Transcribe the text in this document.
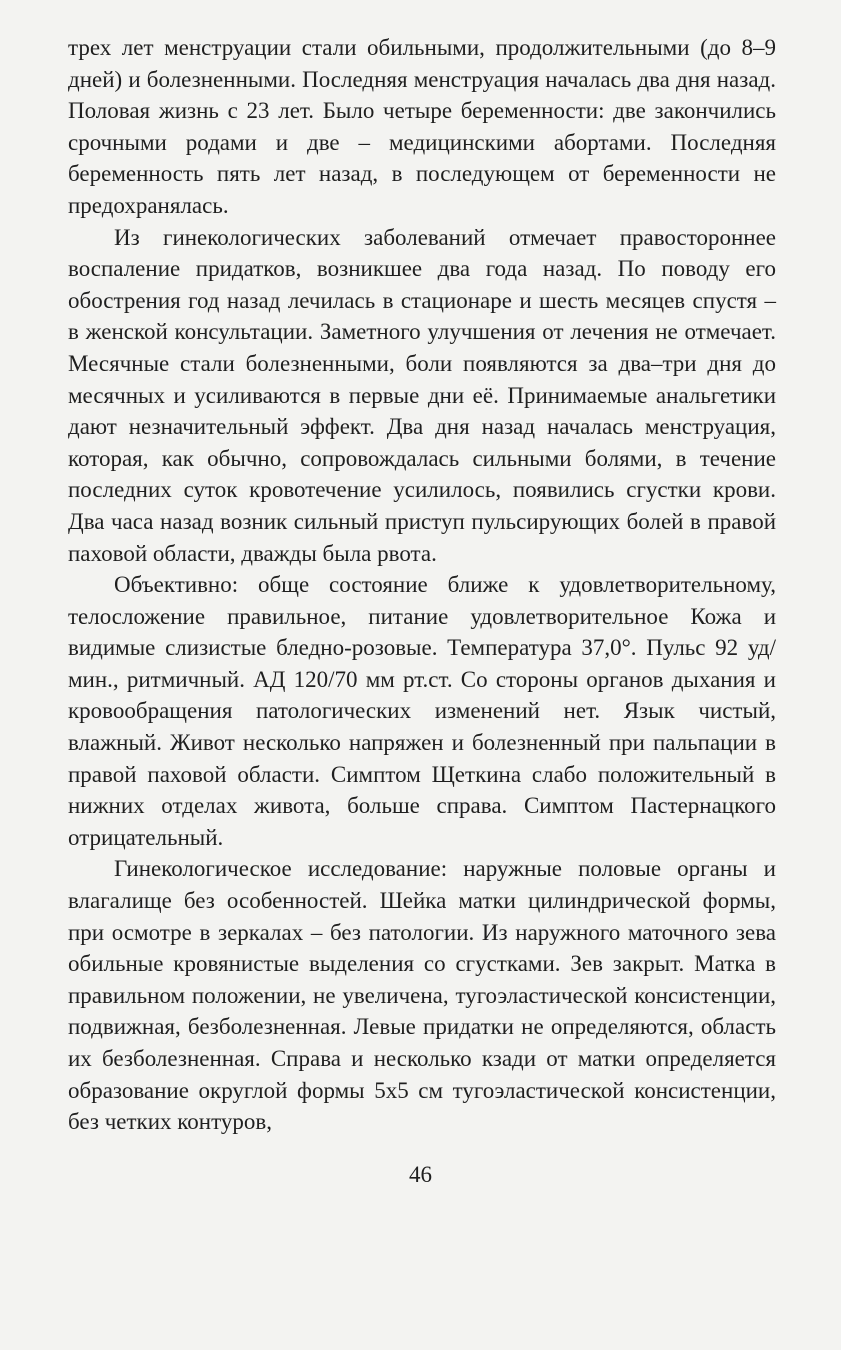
трех лет менструации стали обильными, продолжительными (до 8–9 дней) и болезненными. Последняя менструация началась два дня назад. Половая жизнь с 23 лет. Было четыре беременности: две закончились срочными родами и две – медицинскими абортами. Последняя беременность пять лет назад, в последующем от беременности не предохранялась.

Из гинекологических заболеваний отмечает правостороннее воспаление придатков, возникшее два года назад. По поводу его обострения год назад лечилась в стационаре и шесть месяцев спустя – в женской консультации. Заметного улучшения от лечения не отмечает. Месячные стали болезненными, боли появляются за два–три дня до месячных и усиливаются в первые дни её. Принимаемые анальгетики дают незначительный эффект. Два дня назад началась менструация, которая, как обычно, сопровождалась сильными болями, в течение последних суток кровотечение усилилось, появились сгустки крови. Два часа назад возник сильный приступ пульсирующих болей в правой паховой области, дважды была рвота.

Объективно: обще состояние ближе к удовлетворительному, телосложение правильное, питание удовлетворительное Кожа и видимые слизистые бледно-розовые. Температура 37,0°. Пульс 92 уд/мин., ритмичный. АД 120/70 мм рт.ст. Со стороны органов дыхания и кровообращения патологических изменений нет. Язык чистый, влажный. Живот несколько напряжен и болезненный при пальпации в правой паховой области. Симптом Щеткина слабо положительный в нижних отделах живота, больше справа. Симптом Пастернацкого отрицательный.

Гинекологическое исследование: наружные половые органы и влагалище без особенностей. Шейка матки цилиндрической формы, при осмотре в зеркалах – без патологии. Из наружного маточного зева обильные кровянистые выделения со сгустками. Зев закрыт. Матка в правильном положении, не увеличена, тугоэластической консистенции, подвижная, безболезненная. Левые придатки не определяются, область их безболезненная. Справа и несколько кзади от матки определяется образование округлой формы 5х5 см тугоэластической консистенции, без четких контуров,

46
